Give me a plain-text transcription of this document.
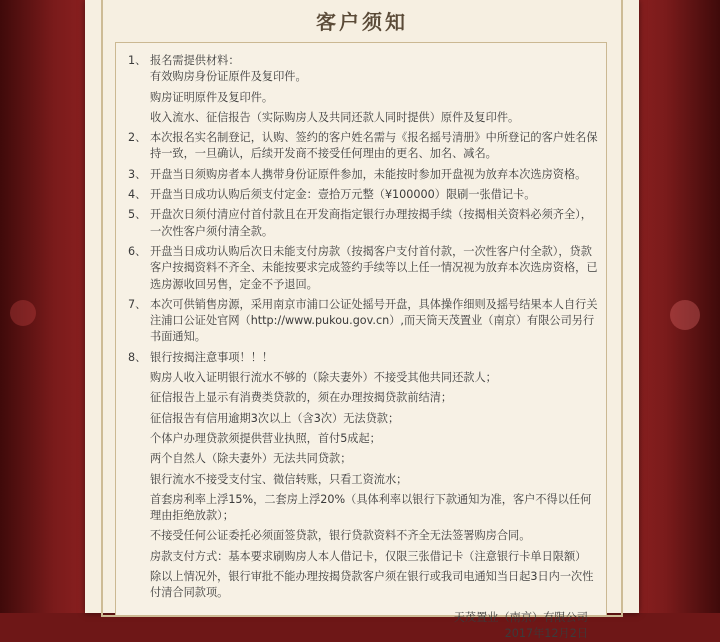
客户须知
1、 报名需提供材料：
有效购房身份证原件及复印件。
购房证明原件及复印件。
收入流水、征信报告（实际购房人及共同还款人同时提供）原件及复印件。
2、 本次报名实名制登记，认购、签约的客户姓名需与《报名摇号清册》中所登记的客户姓名保持一致，一旦确认，后续开发商不接受任何理由的更名、加名、减名。
3、 开盘当日须购房者本人携带身份证原件参加，未能按时参加开盘视为放弃本次选房资格。
4、 开盘当日成功认购后须支付定金：壹拾万元整（¥100000）限刷一张借记卡。
5、 开盘次日须付清应付首付款且在开发商指定银行办理按揭手续（按揭相关资料必须齐全），一次性客户须付清全款。
6、 开盘当日成功认购后次日未能支付房款（按揭客户支付首付款，一次性客户付全款），贷款客户按揭资料不齐全、未能按要求完成签约手续等以上任一情况视为放弃本次选房资格，已选房源收回另售，定金不予退回。
7、 本次可供销售房源，采用南京市浦口公证处摇号开盘，具体操作细则及摇号结果本人自行关注浦口公证处官网（http://www.pukou.gov.cn）,而天筒天茂置业（南京）有限公司另行书面通知。
8、 银行按揭注意事项！！！
购房人收入证明银行流水不够的（除夫妻外）不接受其他共同还款人；
征信报告上显示有消费类贷款的，须在办理按揭贷款前结清；
征信报告有信用逾期3次以上（含3次）无法贷款；
个体户办理贷款须提供营业执照，首付5成起；
两个自然人（除夫妻外）无法共同贷款；
银行流水不接受支付宝、微信转账，只看工资流水；
首套房利率上浮15%，二套房上浮20%（具体利率以银行下款通知为准，客户不得以任何理由拒绝放款）；
不接受任何公证委托必须面签贷款，银行贷款资料不齐全无法签署购房合同。
房款支付方式：基本要求刷购房人本人借记卡，仅限三张借记卡（注意银行卡单日限额）
除以上情况外，银行审批不能办理按揭贷款客户须在银行或我司电通知当日起3日内一次性付清合同款项。
天茂置业（南京）有限公司
2017年12月2日
